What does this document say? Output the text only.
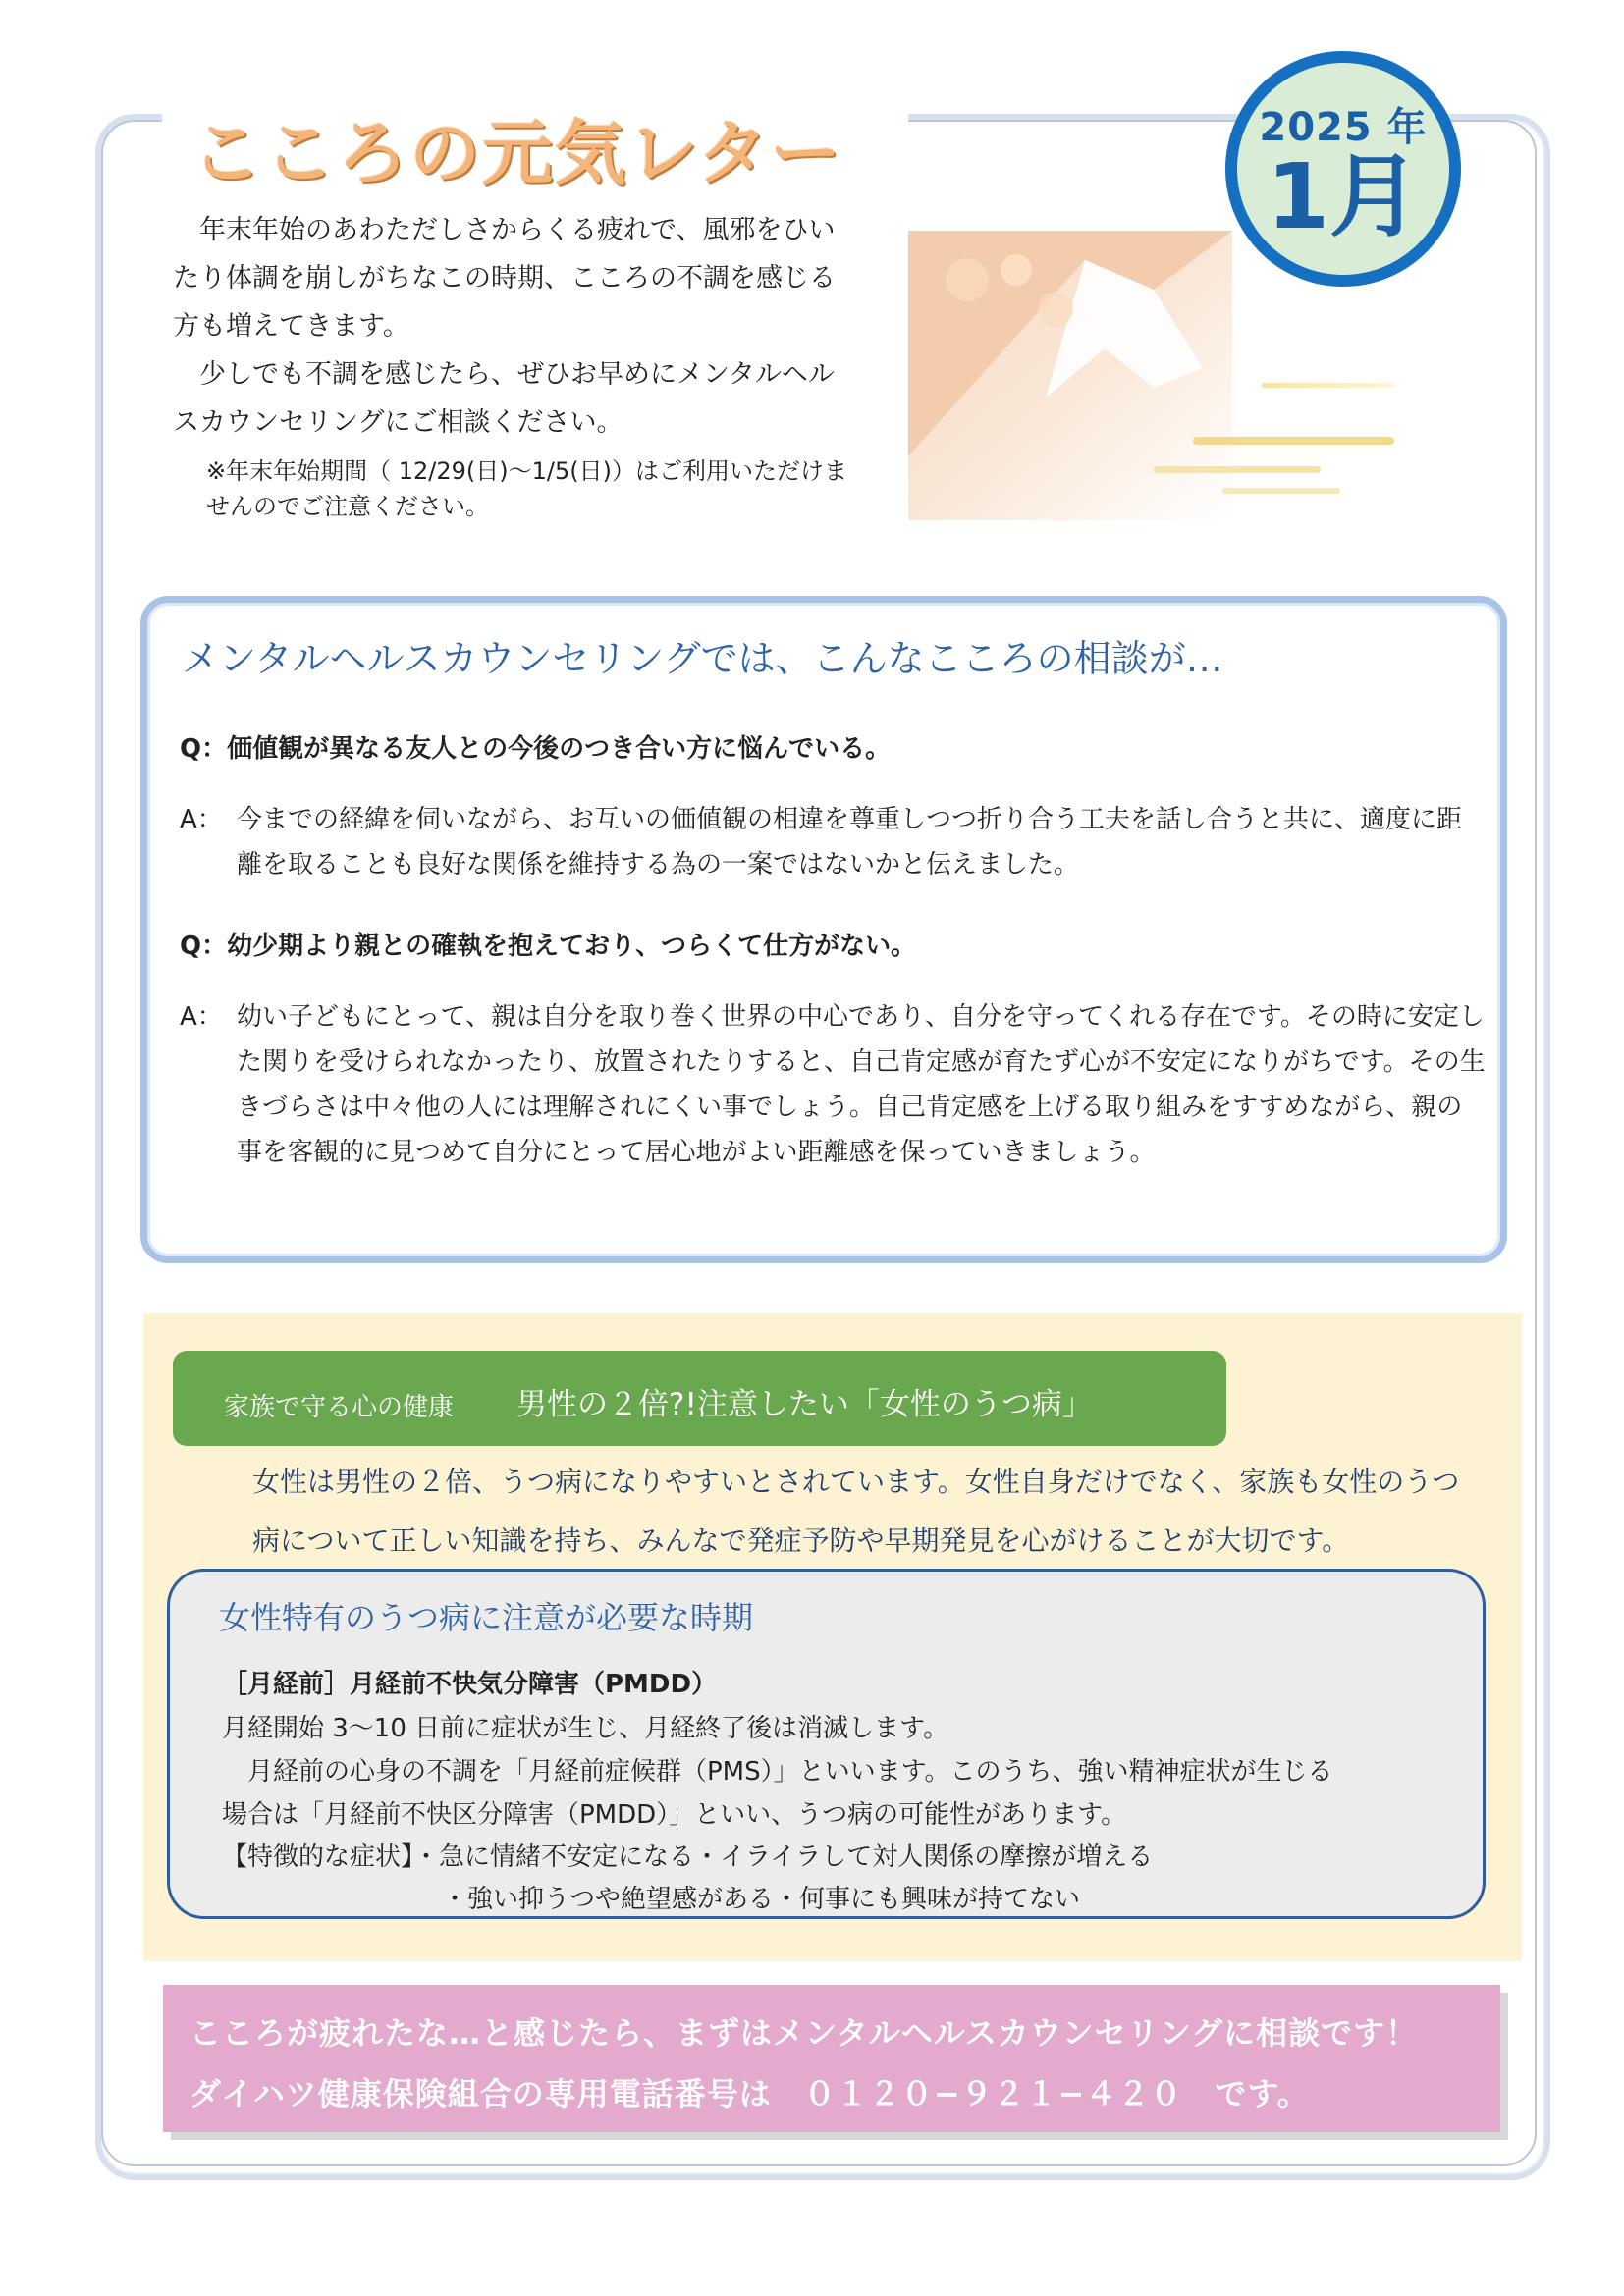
こころの元気レター	2025 年
1月
年末年始のあわただしさからくる疲れで、風邪をひいたり体調を崩しがちなこの時期、こころの不調を感じる方も増えてきます。
少しでも不調を感じたら、ぜひお早めにメンタルヘルスカウンセリングにご相談ください。
※年末年始期間（ 12/29(日)〜1/5(日)）はご利用いただけませんのでご注意ください。
メンタルヘルスカウンセリングでは、こんなこころの相談が…
Q：価値観が異なる友人との今後のつき合い方に悩んでいる。
A： 今までの経緯を伺いながら、お互いの価値観の相違を尊重しつつ折り合う工夫を話し合うと共に、適度に距離を取ることも良好な関係を維持する為の一案ではないかと伝えました。
Q：幼少期より親との確執を抱えており、つらくて仕方がない。
A： 幼い子どもにとって、親は自分を取り巻く世界の中心であり、自分を守ってくれる存在です。その時に安定した関りを受けられなかったり、放置されたりすると、自己肯定感が育たず心が不安定になりがちです。その生きづらさは中々他の人には理解されにくい事でしょう。自己肯定感を上げる取り組みをすすめながら、親の事を客観的に見つめて自分にとって居心地がよい距離感を保っていきましょう。
家族で守る心の健康 男性の２倍?!注意したい「女性のうつ病」
女性は男性の２倍、うつ病になりやすいとされています。女性自身だけでなく、家族も女性のうつ病について正しい知識を持ち、みんなで発症予防や早期発見を心がけることが大切です。
女性特有のうつ病に注意が必要な時期
［月経前］月経前不快気分障害（PMDD）
月経開始 3〜10 日前に症状が生じ、月経終了後は消滅します。
　月経前の心身の不調を「月経前症候群（PMS）」といいます。このうち、強い精神症状が生じる
場合は「月経前不快区分障害（PMDD）」といい、うつ病の可能性があります。
【特徴的な症状】・急に情緒不安定になる・イライラして対人関係の摩擦が増える
・強い抑うつや絶望感がある・何事にも興味が持てない
こころが疲れたな…と感じたら、まずはメンタルヘルスカウンセリングに相談です！
ダイハツ健康保険組合の専用電話番号は　０１２０−９２１−４２０　です。
